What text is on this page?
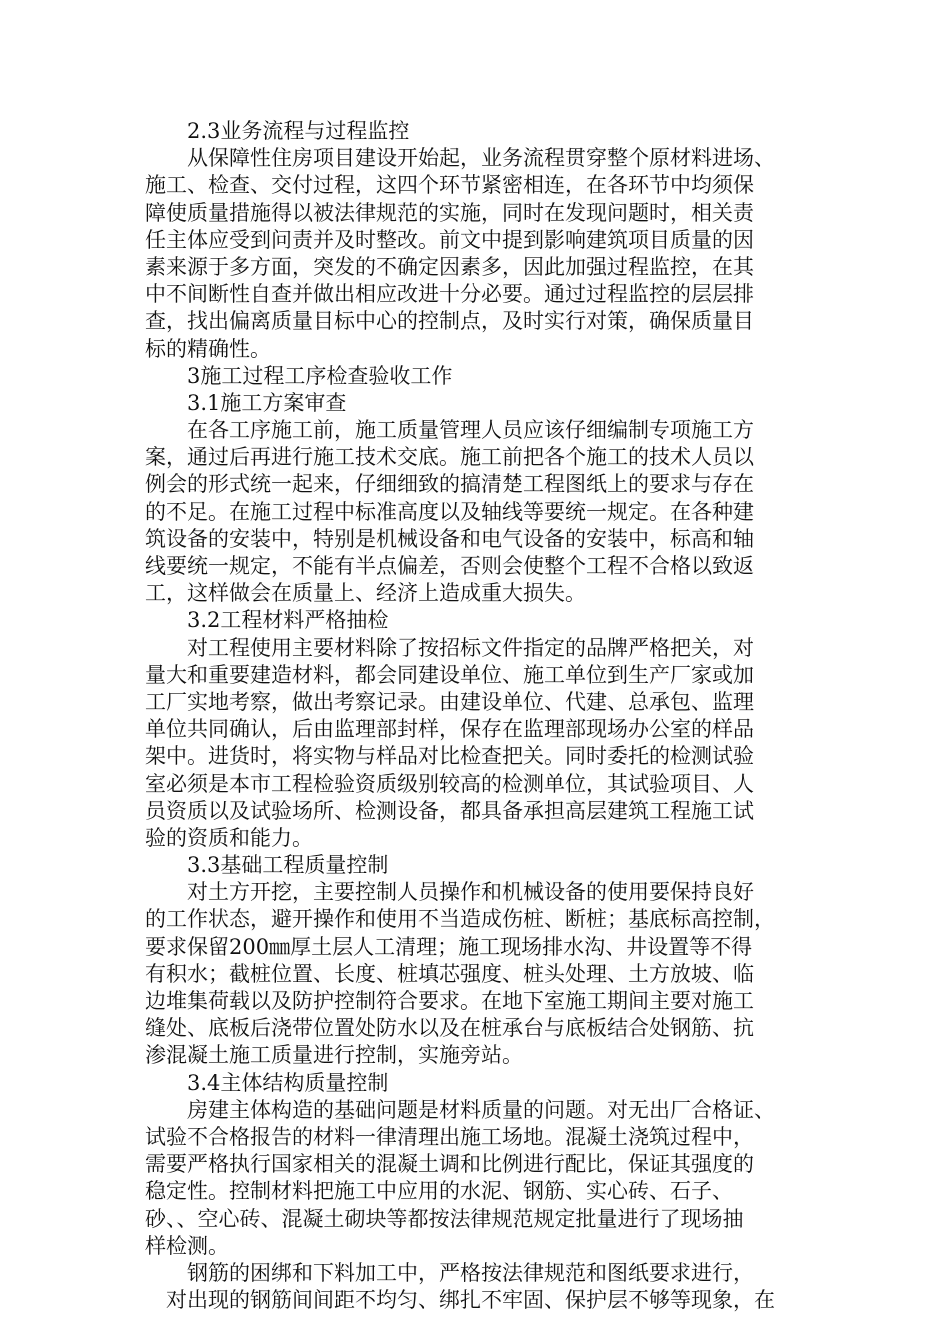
2.3业务流程与过程监控
从保障性住房项目建设开始起，业务流程贯穿整个原材料进场、
施工、检查、交付过程，这四个环节紧密相连，在各环节中均须保
障使质量措施得以被法律规范的实施，同时在发现问题时，相关责
任主体应受到问责并及时整改。前文中提到影响建筑项目质量的因
素来源于多方面，突发的不确定因素多，因此加强过程监控，在其
中不间断性自查并做出相应改进十分必要。通过过程监控的层层排
查，找出偏离质量目标中心的控制点，及时实行对策，确保质量目
标的精确性。
3施工过程工序检查验收工作
3.1施工方案审查
在各工序施工前，施工质量管理人员应该仔细编制专项施工方
案，通过后再进行施工技术交底。施工前把各个施工的技术人员以
例会的形式统一起来，仔细细致的搞清楚工程图纸上的要求与存在
的不足。在施工过程中标准高度以及轴线等要统一规定。在各种建
筑设备的安装中，特别是机械设备和电气设备的安装中，标高和轴
线要统一规定，不能有半点偏差，否则会使整个工程不合格以致返
工，这样做会在质量上、经济上造成重大损失。
3.2工程材料严格抽检
对工程使用主要材料除了按招标文件指定的品牌严格把关，对
量大和重要建造材料，都会同建设单位、施工单位到生产厂家或加
工厂实地考察，做出考察记录。由建设单位、代建、总承包、监理
单位共同确认，后由监理部封样，保存在监理部现场办公室的样品
架中。进货时，将实物与样品对比检查把关。同时委托的检测试验
室必须是本市工程检验资质级别较高的检测单位，其试验项目、人
员资质以及试验场所、检测设备，都具备承担高层建筑工程施工试
验的资质和能力。
3.3基础工程质量控制
对土方开挖，主要控制人员操作和机械设备的使用要保持良好
的工作状态，避开操作和使用不当造成伤桩、断桩；基底标高控制，
要求保留200㎜厚土层人工清理；施工现场排水沟、井设置等不得
有积水；截桩位置、长度、桩填芯强度、桩头处理、土方放坡、临
边堆集荷载以及防护控制符合要求。在地下室施工期间主要对施工
缝处、底板后浇带位置处防水以及在桩承台与底板结合处钢筋、抗
渗混凝土施工质量进行控制，实施旁站。
3.4主体结构质量控制
房建主体构造的基础问题是材料质量的问题。对无出厂合格证、
试验不合格报告的材料一律清理出施工场地。混凝土浇筑过程中，
需要严格执行国家相关的混凝土调和比例进行配比，保证其强度的
稳定性。控制材料把施工中应用的水泥、钢筋、实心砖、石子、
砂、、空心砖、混凝土砌块等都按法律规范规定批量进行了现场抽
样检测。
钢筋的困绑和下料加工中，严格按法律规范和图纸要求进行，
对出现的钢筋间间距不均匀、绑扎不牢固、保护层不够等现象，在
